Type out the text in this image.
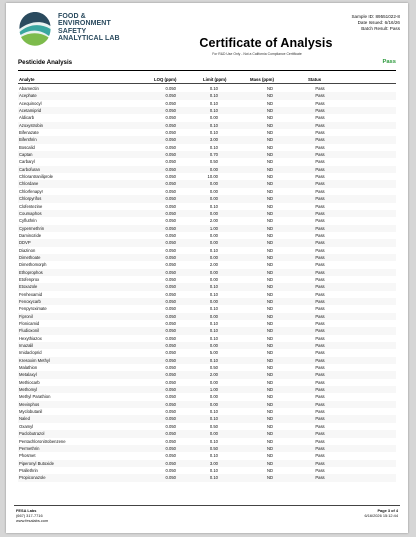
FOOD &
ENVIRONMENT
SAFETY
ANALYTICAL LAB
Sample ID: 89551022-8
Date Issued: 6/16/26
Batch Result: Pass
Certificate of Analysis
For R&D Use Only - Not a California Compliance Certificate
Pesticide Analysis	Pass
Analyte	LOQ (ppm)	Limit (ppm)	Mass (ppm)	Status
Abamectin	0.050	0.10	ND	Pass
Acephate	0.050	0.10	ND	Pass
Acequinocyl	0.050	0.10	ND	Pass
Acetamiprid	0.050	0.10	ND	Pass
Aldicarb	0.050	0.00	ND	Pass
Azoxystrobin	0.050	0.10	ND	Pass
Bifenazate	0.050	0.10	ND	Pass
Bifenthrin	0.050	3.00	ND	Pass
Boscalid	0.050	0.10	ND	Pass
Captan	0.050	0.70	ND	Pass
Carbaryl	0.050	0.50	ND	Pass
Carbofuran	0.050	0.00	ND	Pass
Chlorantraniliprole	0.050	10.00	ND	Pass
Chlordane	0.050	0.00	ND	Pass
Chlorfenapyr	0.050	0.00	ND	Pass
Chlorpyrifos	0.050	0.00	ND	Pass
Clofentezine	0.050	0.10	ND	Pass
Coumaphos	0.050	0.00	ND	Pass
Cyfluthrin	0.050	2.00	ND	Pass
Cypermethrin	0.050	1.00	ND	Pass
Daminozide	0.050	0.00	ND	Pass
DDVP	0.050	0.00	ND	Pass
Diazinon	0.050	0.10	ND	Pass
Dimethoate	0.050	0.00	ND	Pass
Dimethomorph	0.050	2.00	ND	Pass
Ethoprophos	0.050	0.00	ND	Pass
Etofenprox	0.050	0.00	ND	Pass
Etoxazole	0.050	0.10	ND	Pass
Fenhexamid	0.050	0.10	ND	Pass
Fenoxycarb	0.050	0.00	ND	Pass
Fenpyroximate	0.050	0.10	ND	Pass
Fipronil	0.050	0.00	ND	Pass
Flonicamid	0.050	0.10	ND	Pass
Fludioxonil	0.050	0.10	ND	Pass
Hexythiazox	0.050	0.10	ND	Pass
Imazalil	0.050	0.00	ND	Pass
Imidacloprid	0.050	5.00	ND	Pass
Kresoxim Methyl	0.050	0.10	ND	Pass
Malathion	0.050	0.50	ND	Pass
Metalaxyl	0.050	2.00	ND	Pass
Methiocarb	0.050	0.00	ND	Pass
Methomyl	0.050	1.00	ND	Pass
Methyl Parathion	0.050	0.00	ND	Pass
Mevinphos	0.050	0.00	ND	Pass
Myclobutanil	0.050	0.10	ND	Pass
Naled	0.050	0.10	ND	Pass
Oxamyl	0.050	0.50	ND	Pass
Paclobutrazol	0.050	0.00	ND	Pass
Pentachloronitrobenzene	0.050	0.10	ND	Pass
Permethrin	0.050	0.50	ND	Pass
Phosmet	0.050	0.10	ND	Pass
Piperonyl Butoxide	0.050	3.00	ND	Pass
Prallethrin	0.050	0.10	ND	Pass
Propiconazole	0.050	0.10	ND	Pass
FESA Labs
(667) 317-7716
www.fesalabs.com
Page 3 of 4
6/16/2026 15:12:44
